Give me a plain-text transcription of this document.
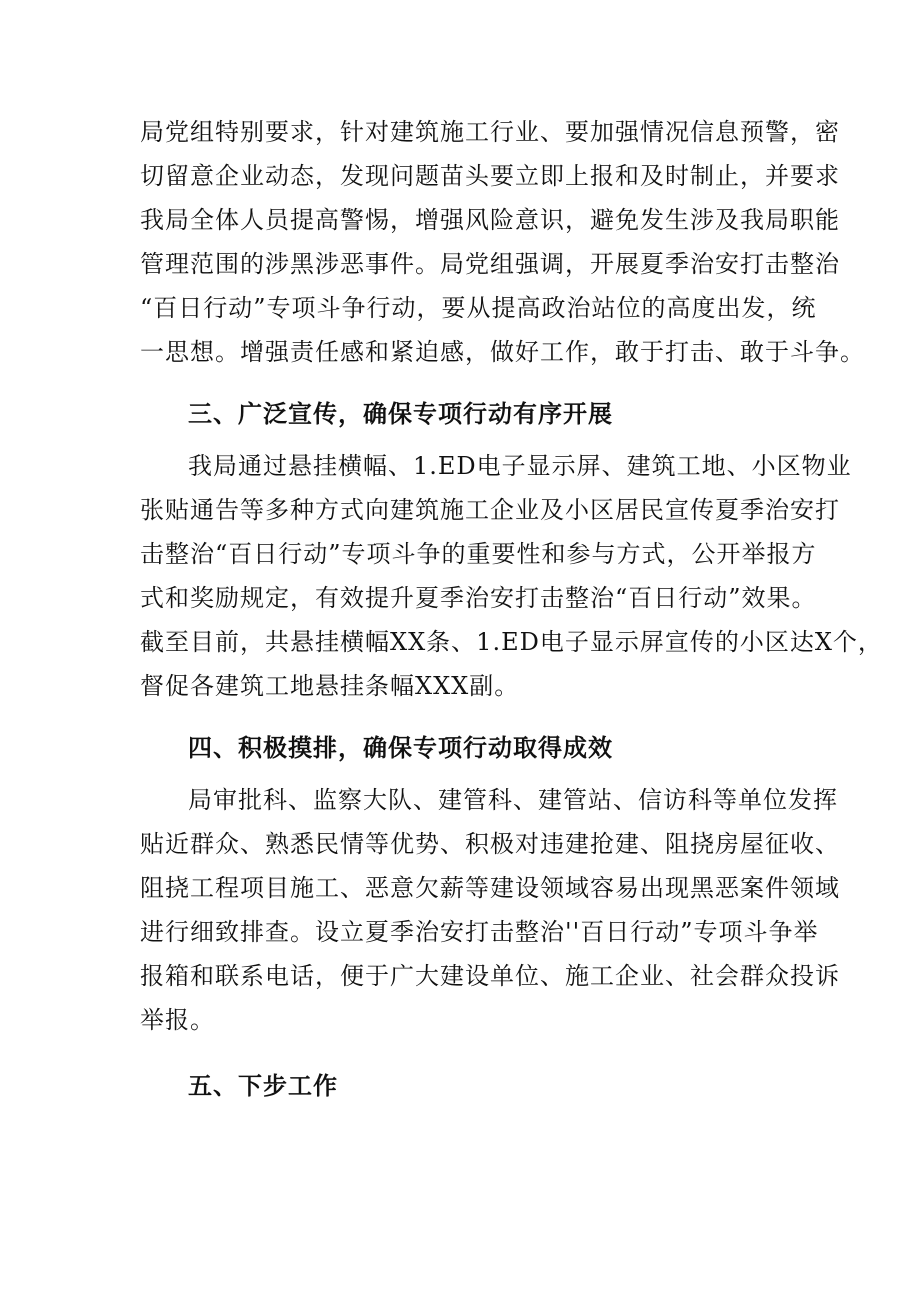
局党组特别要求，针对建筑施工行业、要加强情况信息预警，密
切留意企业动态，发现问题苗头要立即上报和及时制止，并要求
我局全体人员提高警惕，增强风险意识，避免发生涉及我局职能
管理范围的涉黑涉恶事件。局党组强调，开展夏季治安打击整治
“百日行动”专项斗争行动，要从提高政治站位的高度出发，统
一思想。增强责任感和紧迫感，做好工作，敢于打击、敢于斗争。

三、广泛宣传，确保专项行动有序开展

我局通过悬挂横幅、1.ED电子显示屏、建筑工地、小区物业
张贴通告等多种方式向建筑施工企业及小区居民宣传夏季治安打
击整治“百日行动”专项斗争的重要性和参与方式，公开举报方
式和奖励规定，有效提升夏季治安打击整治“百日行动”效果。
截至目前，共悬挂横幅XX条、1.ED电子显示屏宣传的小区达X个，
督促各建筑工地悬挂条幅XXX副。

四、积极摸排，确保专项行动取得成效

局审批科、监察大队、建管科、建管站、信访科等单位发挥
贴近群众、熟悉民情等优势、积极对违建抢建、阻挠房屋征收、
阻挠工程项目施工、恶意欠薪等建设领域容易出现黑恶案件领域
进行细致排查。设立夏季治安打击整治''百日行动”专项斗争举
报箱和联系电话，便于广大建设单位、施工企业、社会群众投诉
举报。

五、下步工作
